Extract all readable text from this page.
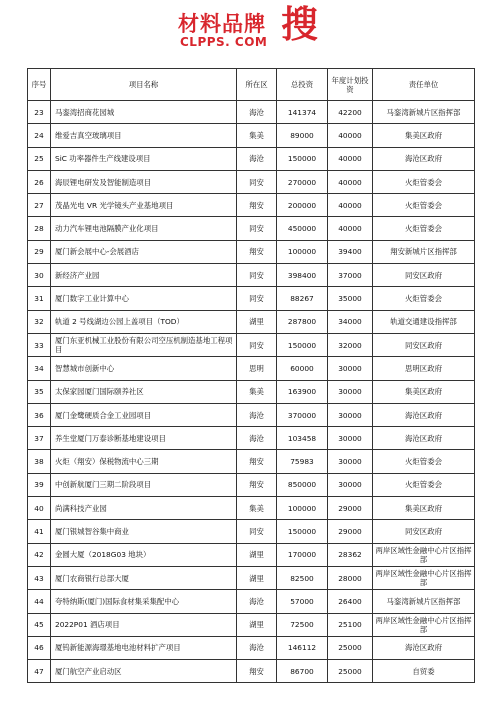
材料品牌
CLPPS. COM 搜
序号	项目名称	所在区	总投资	年度计划投资	责任单位
23	马銮湾招商花园城	海沧	141374	42200	马銮湾新城片区指挥部
24	维爱吉真空玻璃项目	集美	89000	40000	集美区政府
25	SiC 功率器件生产线建设项目	海沧	150000	40000	海沧区政府
26	海辰锂电研发及智能制造项目	同安	270000	40000	火炬管委会
27	茂晶光电 VR 光学镜头产业基地项目	翔安	200000	40000	火炬管委会
28	动力汽车锂电池隔膜产业化项目	同安	450000	40000	火炬管委会
29	厦门新会展中心-会展酒店	翔安	100000	39400	翔安新城片区指挥部
30	新经济产业园	同安	398400	37000	同安区政府
31	厦门数字工业计算中心	同安	88267	35000	火炬管委会
32	轨道 2 号线湖边公园上盖项目（TOD）	湖里	287800	34000	轨道交通建设指挥部
33	厦门东亚机械工业股份有限公司空压机制造基地工程项目	同安	150000	32000	同安区政府
34	智慧城市创新中心	思明	60000	30000	思明区政府
35	太保家园厦门国际颐养社区	集美	163900	30000	集美区政府
36	厦门金鹭硬质合金工业园项目	海沧	370000	30000	海沧区政府
37	养生堂厦门万泰诊断基地建设项目	海沧	103458	30000	海沧区政府
38	火炬（翔安）保税物流中心三期	翔安	75983	30000	火炬管委会
39	中创新航厦门三期二阶段项目	翔安	850000	30000	火炬管委会
40	尚满科技产业园	集美	100000	29000	集美区政府
41	厦门银城智谷集中商业	同安	150000	29000	同安区政府
42	金圆大厦（2018G03 地块）	湖里	170000	28362	两岸区域性金融中心片区指挥部
43	厦门农商银行总部大厦	湖里	82500	28000	两岸区域性金融中心片区指挥部
44	夸特纳斯(厦门)国际食材集采集配中心	海沧	57000	26400	马銮湾新城片区指挥部
45	2022P01 酒店项目	湖里	72500	25100	两岸区域性金融中心片区指挥部
46	厦钨新能源海璟基地电池材料扩产项目	海沧	146112	25000	海沧区政府
47	厦门航空产业启动区	翔安	86700	25000	自贸委
